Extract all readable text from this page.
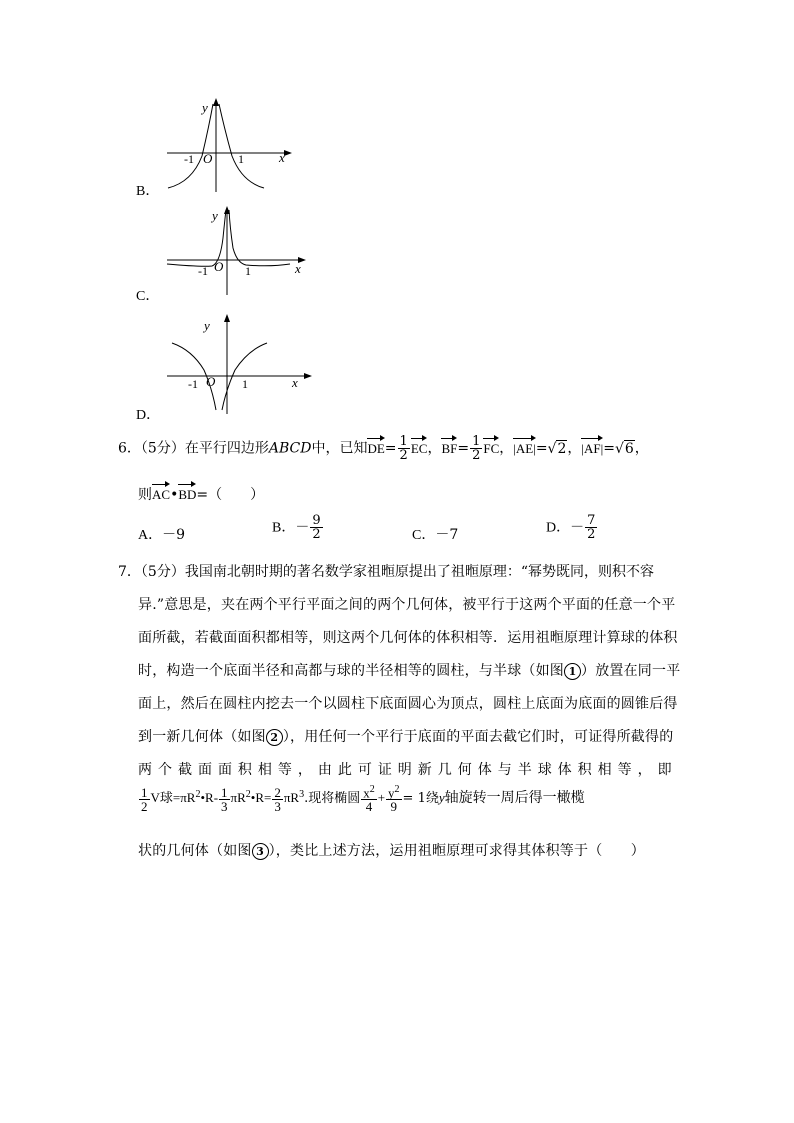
B．
y
x
O
-1	1
C．
y
x
O
-1	1
D．
y
x
O
-1	1
6．（5分）在平行四边形ABCD中，已知$DE= \frac{1}{2}$ EC，$BF= \frac{1}{2}$ FC，|AE|=√2，|AF|=√6，
则AC•BD=（　　）
A．－9	B．－ $\frac{9}{2}$	C．－7	D．－ $\frac{7}{2}$
7．（5分）我国南北朝时期的著名数学家祖暅原提出了祖暅原理：“幂势既同，则积不容
异.”意思是，夹在两个平行平面之间的两个几何体，被平行于这两个平面的任意一个平
面所截，若截面面积都相等，则这两个几何体的体积相等．运用祖暅原理计算球的体积
时，构造一个底面半径和高都与球的半径相等的圆柱，与半球（如图 1 ）放置在同一平
面上，然后在圆柱内挖去一个以圆柱下底面圆心为顶点，圆柱上底面为底面的圆锥后得
到一新几何体（如图 2 ），用任何一个平行于底面的平面去截它们时，可证得所截得的
两 个 截 面 面 积 相 等 ， 由 此 可 证 明 新 几 何 体 与 半 球 体 积 相 等 ， 即
$\frac{1}{2}$ V球$=\pi R^2•R- \frac{1}{3}$ $\pi R^2•R= \frac{2}{3} \pi R^3$.现将椭圆 $\frac{x^2}{4} + \frac{y^2}{9} = 1$绕y轴旋转一周后得一橄榄
状的几何体（如图 3 ），类比上述方法，运用祖暅原理可求得其体积等于（　　）
